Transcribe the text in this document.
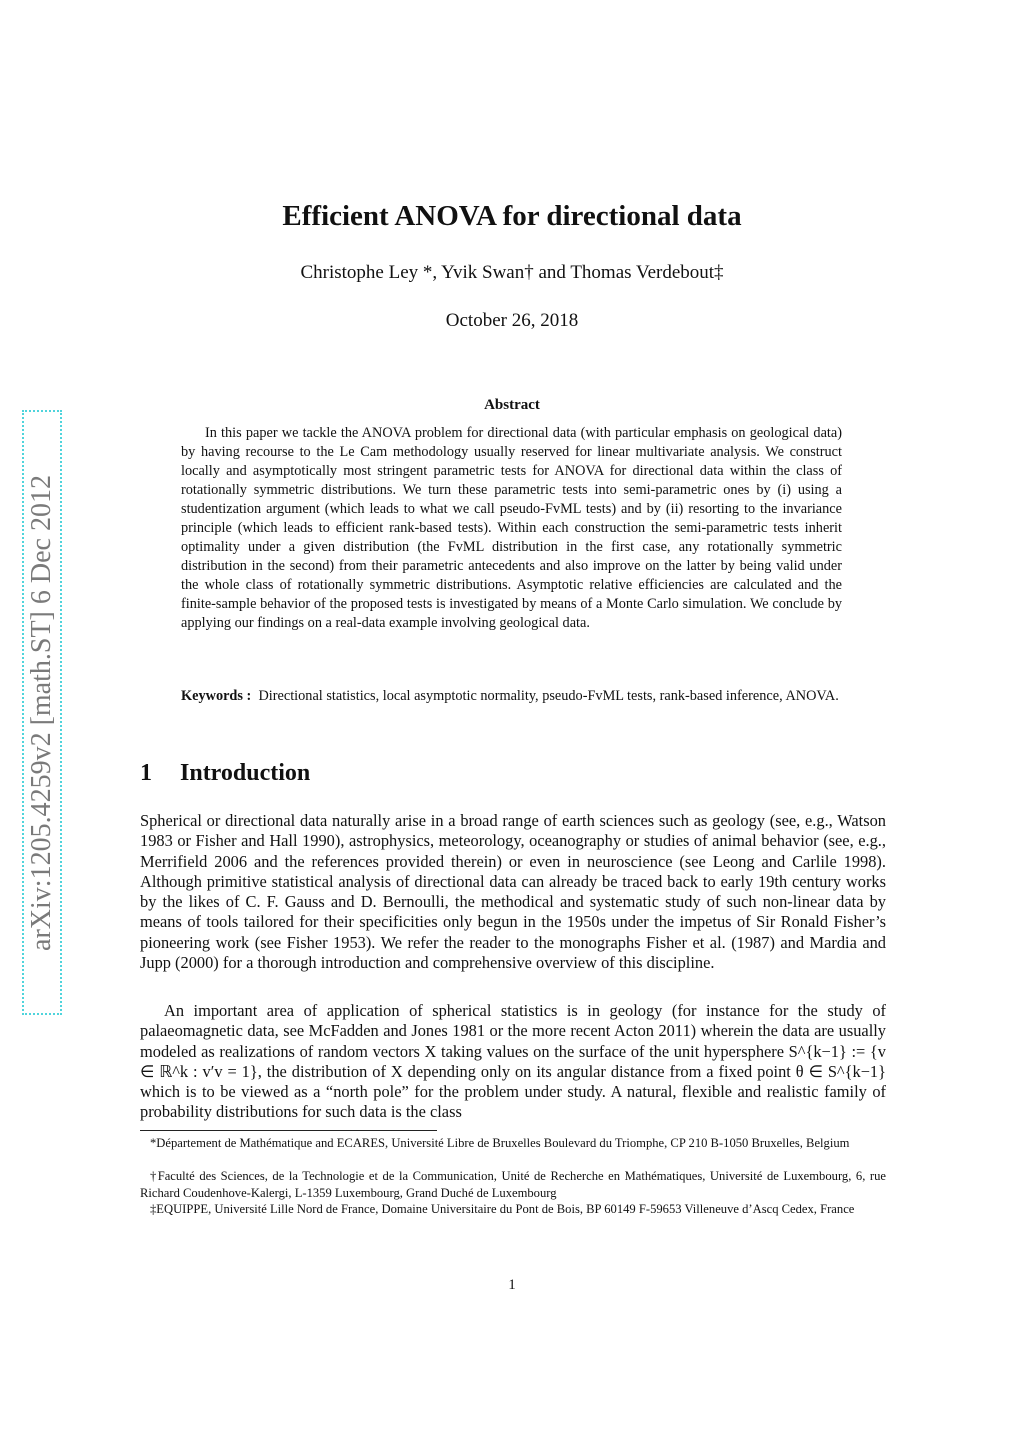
arXiv:1205.4259v2 [math.ST] 6 Dec 2012
Efficient ANOVA for directional data
Christophe Ley *, Yvik Swan† and Thomas Verdebout‡
October 26, 2018
Abstract

In this paper we tackle the ANOVA problem for directional data (with particular emphasis on geological data) by having recourse to the Le Cam methodology usually reserved for linear multivariate analysis. We construct locally and asymptotically most stringent parametric tests for ANOVA for directional data within the class of rotationally symmetric distributions. We turn these parametric tests into semi-parametric ones by (i) using a studentization argument (which leads to what we call pseudo-FvML tests) and by (ii) resorting to the invariance principle (which leads to efficient rank-based tests). Within each construction the semi-parametric tests inherit optimality under a given distribution (the FvML distribution in the first case, any rotationally symmetric distribution in the second) from their parametric antecedents and also improve on the latter by being valid under the whole class of rotationally symmetric distributions. Asymptotic relative efficiencies are calculated and the finite-sample behavior of the proposed tests is investigated by means of a Monte Carlo simulation. We conclude by applying our findings on a real-data example involving geological data.

Keywords : Directional statistics, local asymptotic normality, pseudo-FvML tests, rank-based inference, ANOVA.

1 Introduction

Spherical or directional data naturally arise in a broad range of earth sciences such as geology (see, e.g., Watson 1983 or Fisher and Hall 1990), astrophysics, meteorology, oceanography or studies of animal behavior (see, e.g., Merrifield 2006 and the references provided therein) or even in neuroscience (see Leong and Carlile 1998). Although primitive statistical analysis of directional data can already be traced back to early 19th century works by the likes of C. F. Gauss and D. Bernoulli, the methodical and systematic study of such non-linear data by means of tools tailored for their specificities only begun in the 1950s under the impetus of Sir Ronald Fisher’s pioneering work (see Fisher 1953). We refer the reader to the monographs Fisher et al. (1987) and Mardia and Jupp (2000) for a thorough introduction and comprehensive overview of this discipline.

An important area of application of spherical statistics is in geology (for instance for the study of palaeomagnetic data, see McFadden and Jones 1981 or the more recent Acton 2011) wherein the data are usually modeled as realizations of random vectors X taking values on the surface of the unit hypersphere S^{k−1} := {v ∈ ℝ^k : v′v = 1}, the distribution of X depending only on its angular distance from a fixed point θ ∈ S^{k−1} which is to be viewed as a “north pole” for the problem under study. A natural, flexible and realistic family of probability distributions for such data is the class

*Département de Mathématique and ECARES, Université Libre de Bruxelles Boulevard du Triomphe, CP 210 B-1050 Bruxelles, Belgium

†Faculté des Sciences, de la Technologie et de la Communication, Unité de Recherche en Mathématiques, Université de Luxembourg, 6, rue Richard Coudenhove-Kalergi, L-1359 Luxembourg, Grand Duché de Luxembourg

‡EQUIPPE, Université Lille Nord de France, Domaine Universitaire du Pont de Bois, BP 60149 F-59653 Villeneuve d’Ascq Cedex, France

1
